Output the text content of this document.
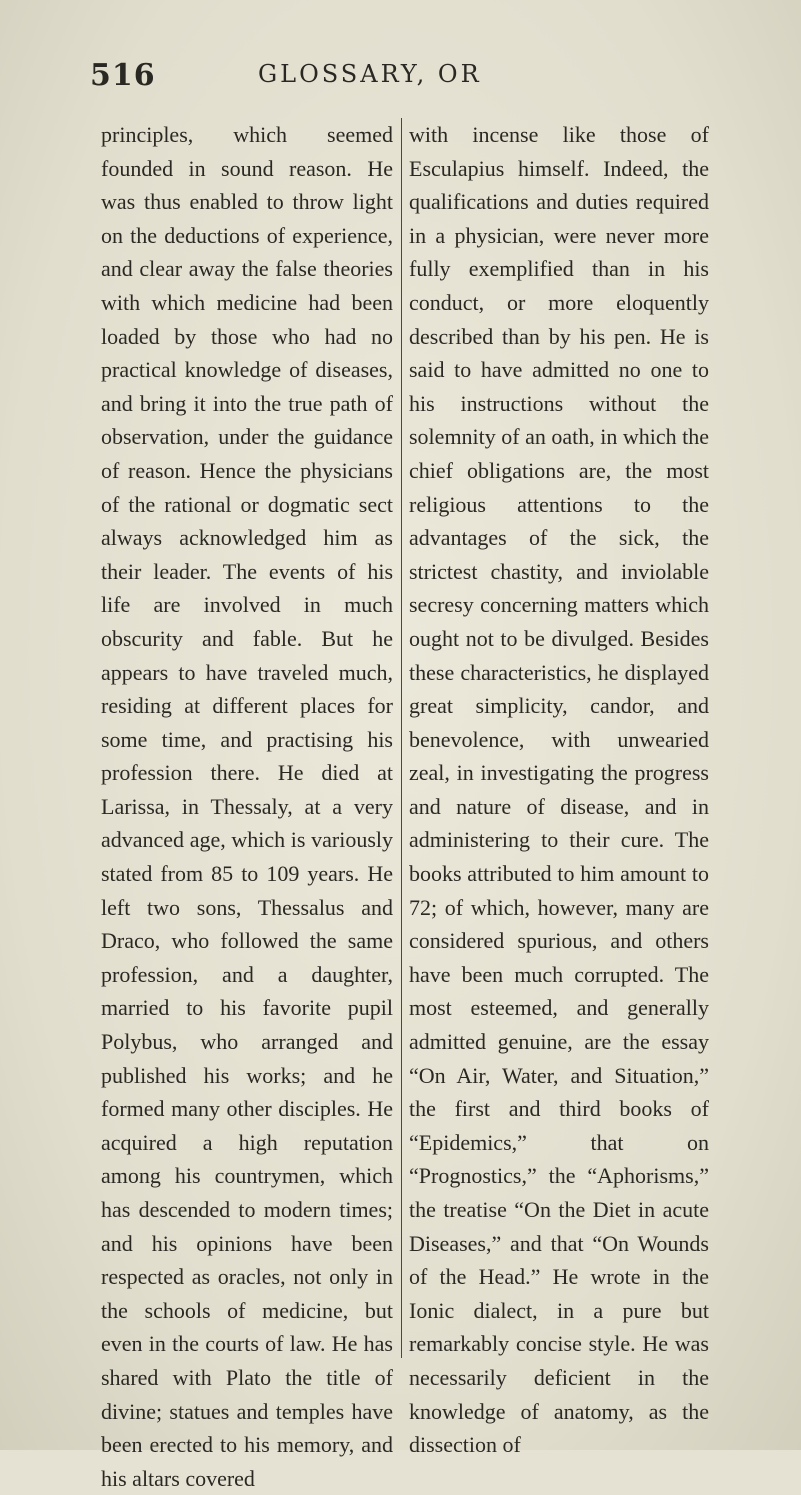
516	GLOSSARY, OR

principles, which seemed founded in sound reason. He was thus enabled to throw light on the deductions of experience, and clear away the false theories with which medicine had been loaded by those who had no practical knowledge of diseases, and bring it into the true path of observation, under the guidance of reason. Hence the physicians of the rational or dogmatic sect always acknowledged him as their leader. The events of his life are involved in much obscurity and fable. But he appears to have traveled much, residing at different places for some time, and practising his profession there. He died at Larissa, in Thessaly, at a very advanced age, which is variously stated from 85 to 109 years. He left two sons, Thessalus and Draco, who followed the same profession, and a daughter, married to his favorite pupil Polybus, who arranged and published his works; and he formed many other disciples. He acquired a high reputation among his countrymen, which has descended to modern times; and his opinions have been respected as oracles, not only in the schools of medicine, but even in the courts of law. He has shared with Plato the title of divine; statues and temples have been erected to his memory, and his altars covered

with incense like those of Esculapius himself. Indeed, the qualifications and duties required in a physician, were never more fully exemplified than in his conduct, or more eloquently described than by his pen. He is said to have admitted no one to his instructions without the solemnity of an oath, in which the chief obligations are, the most religious attentions to the advantages of the sick, the strictest chastity, and inviolable secresy concerning matters which ought not to be divulged. Besides these characteristics, he displayed great simplicity, candor, and benevolence, with unwearied zeal, in investigating the progress and nature of disease, and in administering to their cure. The books attributed to him amount to 72; of which, however, many are considered spurious, and others have been much corrupted. The most esteemed, and generally admitted genuine, are the essay “On Air, Water, and Situation,” the first and third books of “Epidemics,” that on “Prognostics,” the “Aphorisms,” the treatise “On the Diet in acute Diseases,” and that “On Wounds of the Head.” He wrote in the Ionic dialect, in a pure but remarkably concise style. He was necessarily deficient in the knowledge of anatomy, as the dissection of
